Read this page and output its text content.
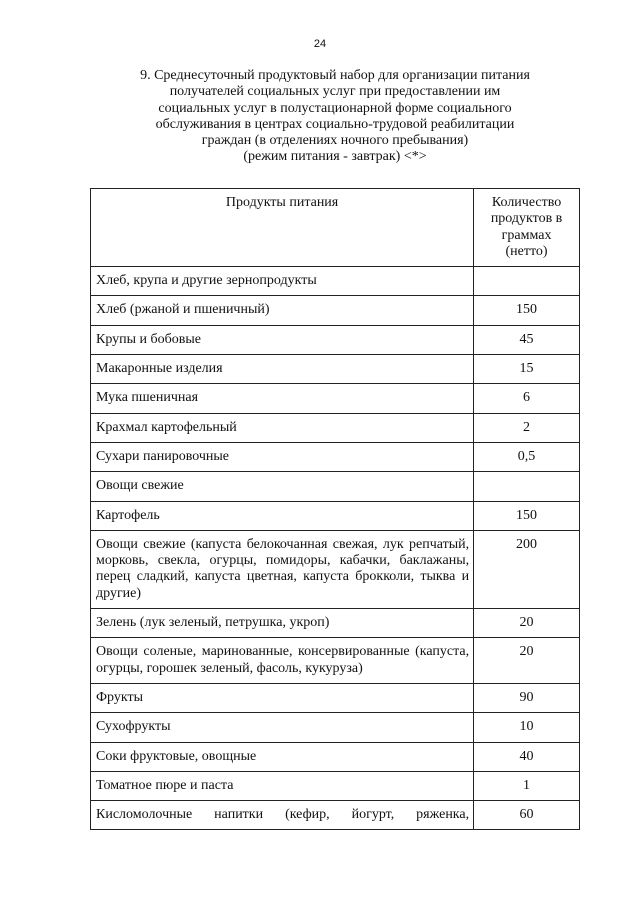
24
9. Среднесуточный продуктовый набор для организации питания
получателей социальных услуг при предоставлении им
социальных услуг в полустационарной форме социального
обслуживания в центрах социально-трудовой реабилитации
граждан (в отделениях ночного пребывания)
(режим питания - завтрак) <*>
Продукты питания	Количество
продуктов в
граммах
(нетто)

Хлеб, крупа и другие зернопродукты	
Хлеб (ржаной и пшеничный)	150
Крупы и бобовые	45
Макаронные изделия	15
Мука пшеничная	6
Крахмал картофельный	2
Сухари панировочные	0,5
Овощи свежие	
Картофель	150
Овощи свежие (капуста белокочанная свежая, лук репчатый, морковь, свекла, огурцы, помидоры, кабачки, баклажаны, перец сладкий, капуста цветная, капуста брокколи, тыква и другие)	200
Зелень (лук зеленый, петрушка, укроп)	20
Овощи соленые, маринованные, консервированные (капуста, огурцы, горошек зеленый, фасоль, кукуруза)	20
Фрукты	90
Сухофрукты	10
Соки фруктовые, овощные	40
Томатное пюре и паста	1
Кисломолочные напитки (кефир, йогурт, ряженка,	60
